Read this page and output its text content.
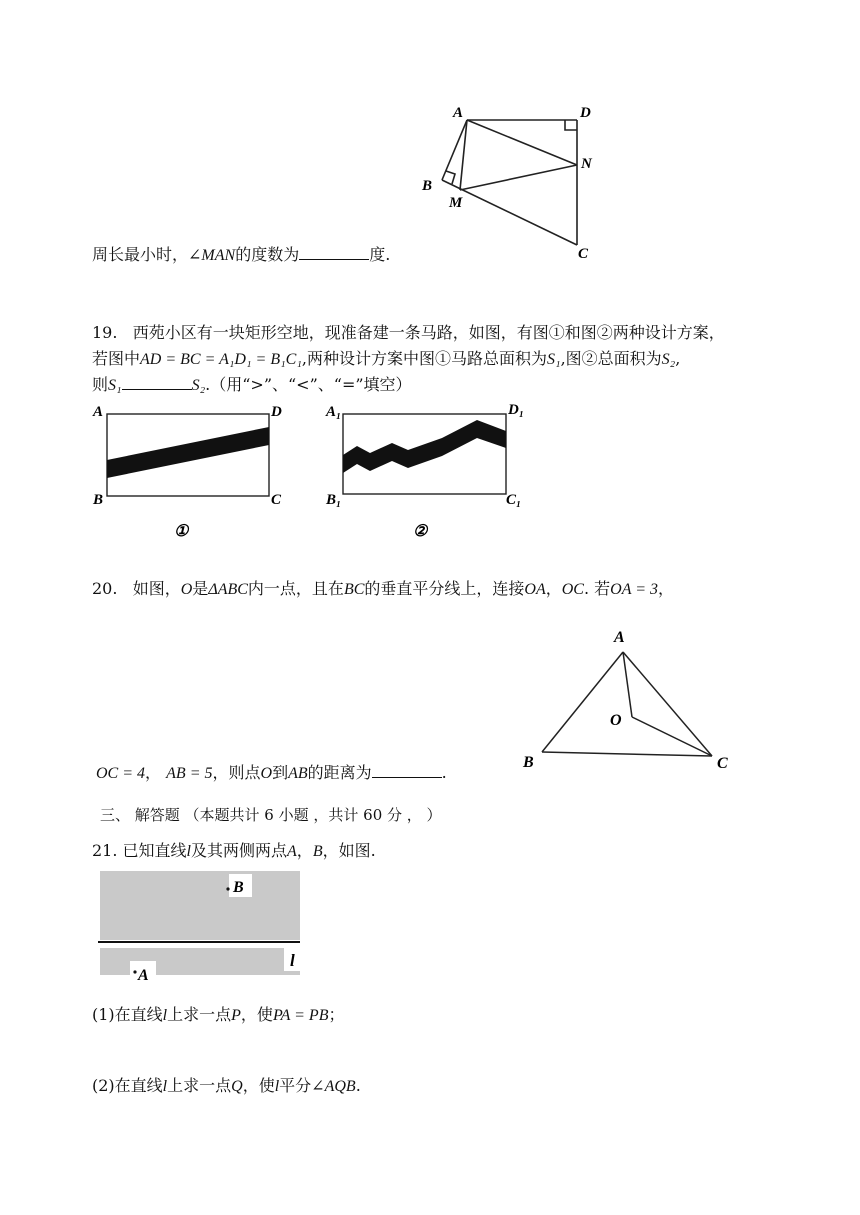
A	D
N
B
M
C
周长最小时，∠MAN的度数为	度.
19. 西苑小区有一块矩形空地，现准备建一条马路，如图，有图①和图②两种设计方案，
若图中AD = BC = A₁D₁ = B₁C₁,两种设计方案中图①马路总面积为S₁,图②总面积为S₂,
则S₁	S₂.（用“>”、“<”、“=”填空）
A	D
B	C
①
A₁	D₁
B₁	C₁
②
20. 如图，O是ΔABC内一点，且在BC的垂直平分线上，连接OA，OC. 若OA = 3，
A
O
B	C
OC = 4， AB = 5，则点O到AB的距离为	.
三、 解答题 （本题共计 6 小题 ，共计 60 分 ， ）
21. 已知直线l及其两侧两点A，B，如图.
B
A
l
(1)在直线l上求一点P，使PA = PB；
(2)在直线l上求一点Q，使l平分∠AQB.
